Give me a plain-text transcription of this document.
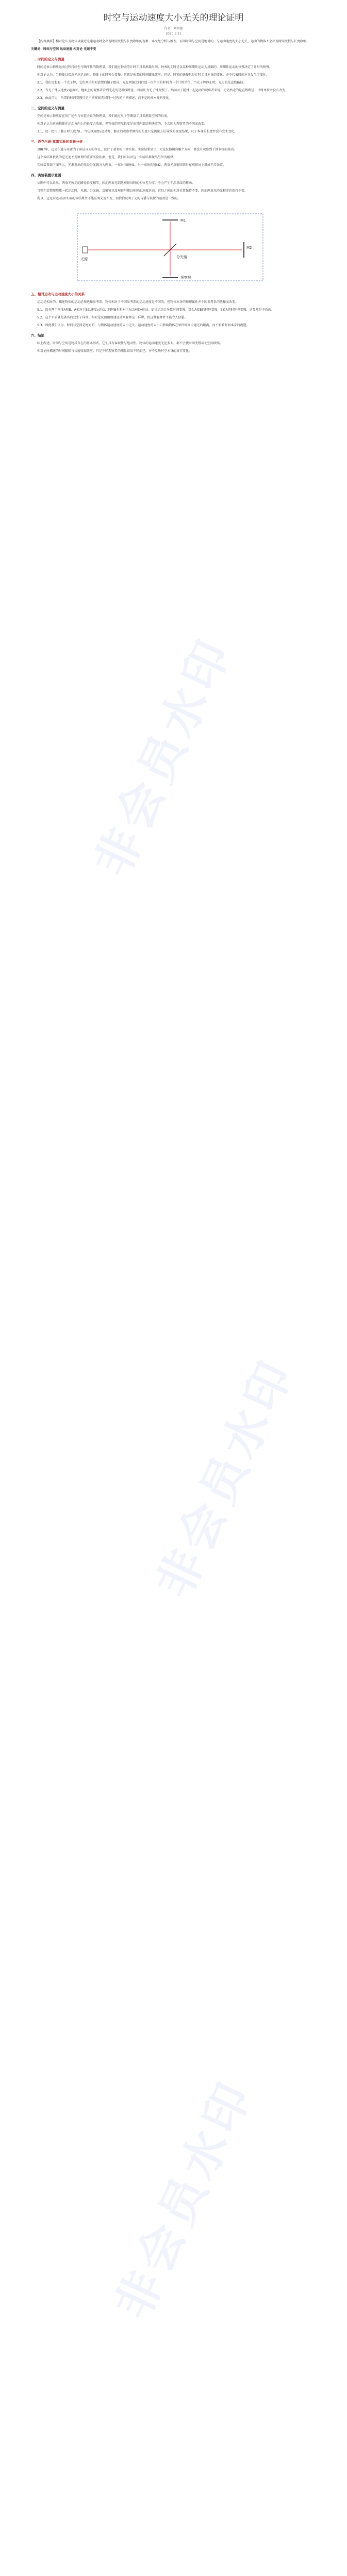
时空与运动速度大小无关的理论证明
作者：刘相德
2020.3.21

【内容摘要】相对论认为物体以接近光速运动时会出现时间变慢与长度收缩的现象，本文经分析与推理，证明时间与空间是绝对的，与运动速度的大小无关，运动的物体不会出现时间变慢与长度收缩。

关键词：时间与空间 运动速度 相对论 光速不变

一、时间的定义与测量

时间是表示物质运动过程持续性与顺序性的物理量，我们通过钟表等计时工具来测量时间。钟表的走时是以某种周期性运动为基础的，周期性运动的快慢决定了计时的快慢。

相对论认为，当物体以接近光速运动时，物体上的时钟会变慢，这就是所谓的时间膨胀效应。但是，时钟的快慢只是计时工具本身的变化，并不代表时间本身发生了变化。

2.1、我们设想有一个光子钟，它由两块相对放置的镜子组成，光在两镜之间往返一次所用的时间为一个计时单位。当光子钟静止时，光走的是直线路径。

2.2、当光子钟以速度v运动时，地面上的观察者看到光走的是斜线路径，因而认为光子钟变慢了。然而对于随钟一起运动的观察者来说，光仍然走的是直线路径，计时单位并没有改变。

2.3、由此可见，所谓的时间变慢只是不同观察者对同一过程的不同描述，而不是时间本身的变化。

二、空间的定义与测量

空间是表示物质存在的广延性与位置关系的物理量，我们通过尺子等测量工具来测量空间的长度。

相对论认为运动物体在运动方向上的长度会收缩，但物体的实际长度是由其内部结构决定的，不会因为观察者的不同而改变。

3.1、设一把尺子静止时长度为L，当它以速度v运动时，静止的观察者测得的长度只是测量方法导致的视觉结果，尺子本身的长度并没有发生变化。

三、迈克尔逊-莫雷实验的重新分析

1887年，迈克尔逊与莫雷为了验证以太的存在，设计了著名的干涉实验。实验结果显示，无论仪器朝向哪个方向，都没有观察到干涉条纹的移动。

这个零结果被认为是光速不变原理的重要实验依据。但是，我们可以对这一实验结果做出另外的解释。

实验装置如下图所示，光源发出的光经分光镜分为两束，一束射向镜M1，另一束射向镜M2，两束光反射回来后在观察屏上形成干涉条纹。

四、实验装置示意图

从图中可以看出，两束光所走的路径长度相等，因此两束光到达观察屏时的相位差为零，不会产生干涉条纹的移动。

当整个装置随地球一起运动时，光源、分光镜、反射镜以及观察屏都以相同的速度运动，它们之间的相对位置保持不变，因而两束光的光程差也保持不变。

所以，迈克尔逊-莫雷实验的零结果并不能证明光速不变，而恰恰说明了光的传播与装置的运动是一致的。

M1
M2
光源	分光镜
观察屏
五、相对运动与运动速度大小的关系

运动是相对的，描述物体的运动必须选择参考系。物体相对于不同参考系的运动速度是不同的，但物体本身的物理属性并不因参考系的选择而改变。

5.1、设有两个物体A和B，A相对于B以速度v运动，同时B也相对于A以速度v运动。如果运动会导致时间变慢，那么A看B的时钟变慢，B看A的时钟也变慢，这显然是矛盾的。

5.2、这个矛盾就是著名的双生子佯谬。相对论试图用加速运动来解释这一佯谬，但这种解释并不能令人信服。

5.3、因此我们认为，时间与空间是绝对的，与物体运动速度的大小无关。运动速度的大小只影响物体在单位时间内通过的距离，而不影响时间本身的流逝。

六、结论

综上所述，时间与空间是物质存在的基本形式，它们具有客观性与绝对性。物体的运动速度无论多大，都不会使时间变慢或使空间收缩。

相对论所描述的时间膨胀与长度收缩效应，只是不同观察者的测量结果不同而已，并不反映时空本身的真实变化。

非会员水印
非会员水印
非会员水印
